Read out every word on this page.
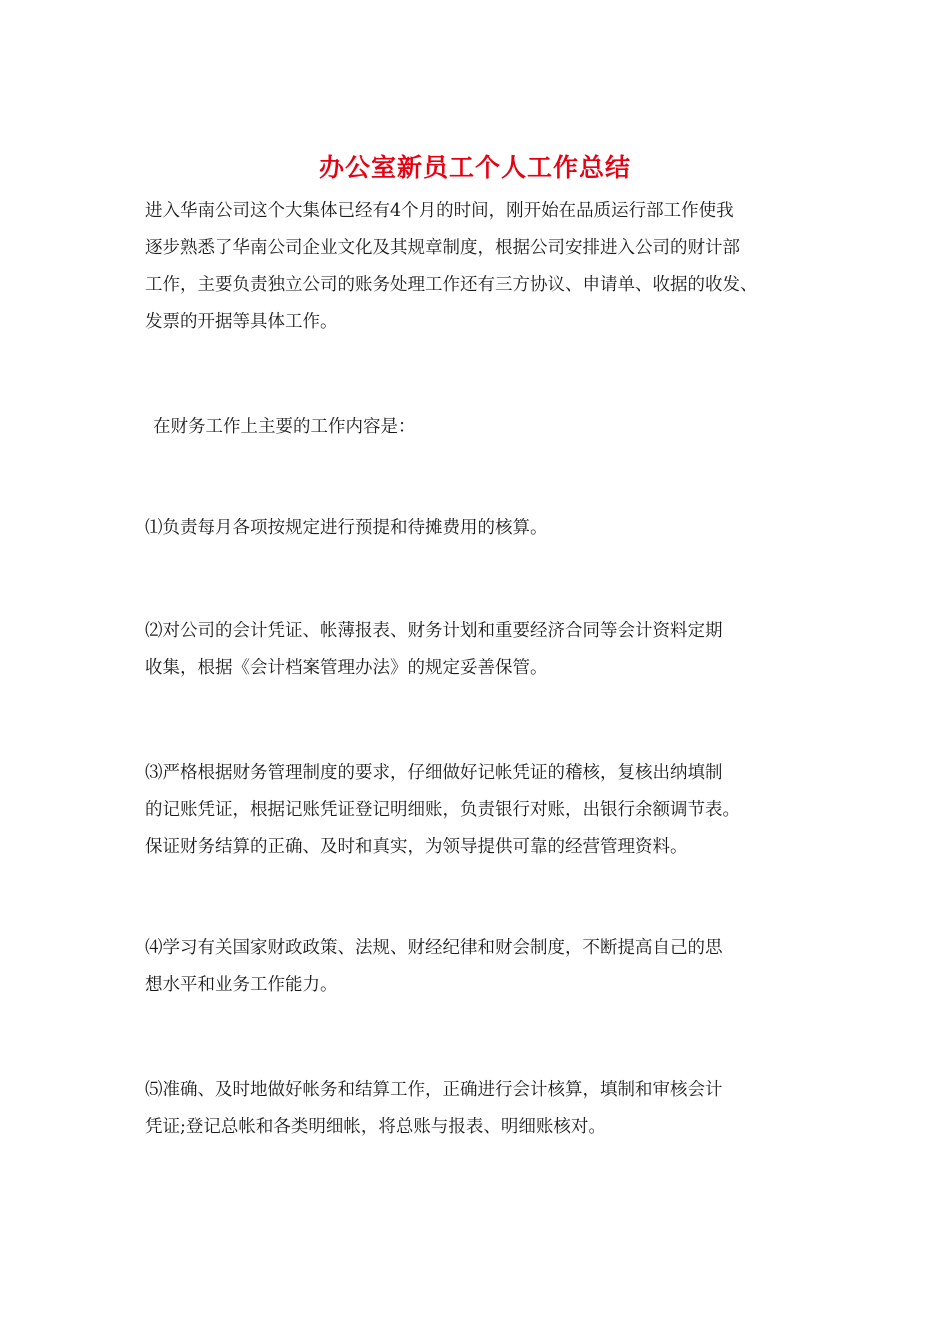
办公室新员工个人工作总结
进入华南公司这个大集体已经有4个月的时间，刚开始在品质运行部工作使我
逐步熟悉了华南公司企业文化及其规章制度，根据公司安排进入公司的财计部
工作，主要负责独立公司的账务处理工作还有三方协议、申请单、收据的收发、
发票的开据等具体工作。
在财务工作上主要的工作内容是：
⑴负责每月各项按规定进行预提和待摊费用的核算。
⑵对公司的会计凭证、帐薄报表、财务计划和重要经济合同等会计资料定期
收集，根据《会计档案管理办法》的规定妥善保管。
⑶严格根据财务管理制度的要求，仔细做好记帐凭证的稽核，复核出纳填制
的记账凭证，根据记账凭证登记明细账，负责银行对账，出银行余额调节表。
保证财务结算的正确、及时和真实，为领导提供可靠的经营管理资料。
⑷学习有关国家财政政策、法规、财经纪律和财会制度，不断提高自己的思
想水平和业务工作能力。
⑸准确、及时地做好帐务和结算工作，正确进行会计核算，填制和审核会计
凭证;登记总帐和各类明细帐，将总账与报表、明细账核对。
